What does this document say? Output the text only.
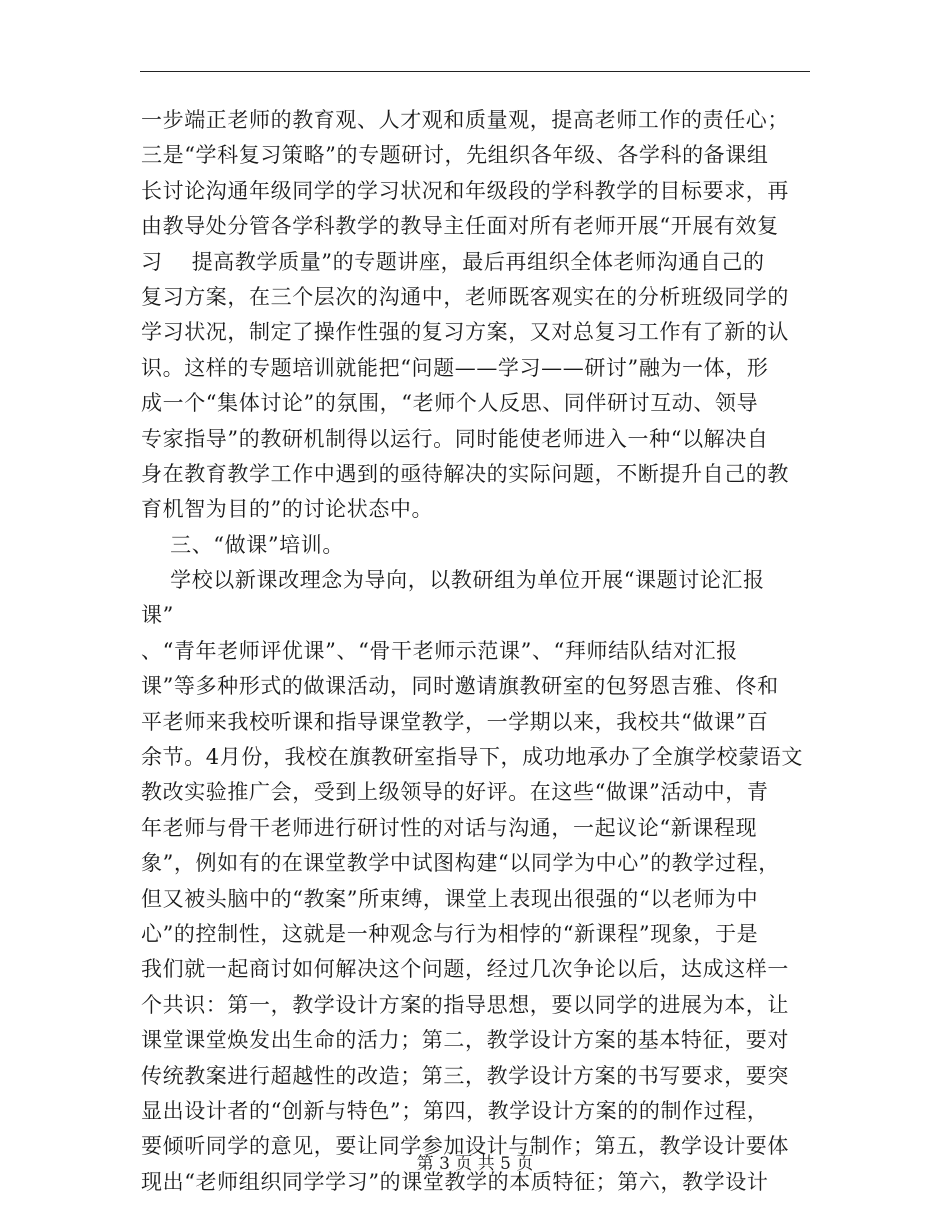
一步端正老师的教育观、人才观和质量观，提高老师工作的责任心；
三是“学科复习策略”的专题研讨，先组织各年级、各学科的备课组
长讨论沟通年级同学的学习状况和年级段的学科教学的目标要求，再
由教导处分管各学科教学的教导主任面对所有老师开展“开展有效复
习    提高教学质量”的专题讲座，最后再组织全体老师沟通自己的
复习方案，在三个层次的沟通中，老师既客观实在的分析班级同学的
学习状况，制定了操作性强的复习方案，又对总复习工作有了新的认
识。这样的专题培训就能把“问题——学习——研讨”融为一体，形
成一个“集体讨论”的氛围，“老师个人反思、同伴研讨互动、领导
专家指导”的教研机制得以运行。同时能使老师进入一种“以解决自
身在教育教学工作中遇到的亟待解决的实际问题，不断提升自己的教
育机智为目的”的讨论状态中。
三、“做课”培训。
学校以新课改理念为导向，以教研组为单位开展“课题讨论汇报
课”
、“青年老师评优课”、“骨干老师示范课”、“拜师结队结对汇报
课”等多种形式的做课活动，同时邀请旗教研室的包努恩吉雅、佟和
平老师来我校听课和指导课堂教学，一学期以来，我校共“做课”百
余节。4月份，我校在旗教研室指导下，成功地承办了全旗学校蒙语文
教改实验推广会，受到上级领导的好评。在这些“做课”活动中，青
年老师与骨干老师进行研讨性的对话与沟通，一起议论“新课程现
象”，例如有的在课堂教学中试图构建“以同学为中心”的教学过程，
但又被头脑中的“教案”所束缚，课堂上表现出很强的“以老师为中
心”的控制性，这就是一种观念与行为相悖的“新课程”现象，于是
我们就一起商讨如何解决这个问题，经过几次争论以后，达成这样一
个共识：第一，教学设计方案的指导思想，要以同学的进展为本，让
课堂课堂焕发出生命的活力；第二，教学设计方案的基本特征，要对
传统教案进行超越性的改造；第三，教学设计方案的书写要求，要突
显出设计者的“创新与特色”；第四，教学设计方案的的制作过程，
要倾听同学的意见，要让同学参加设计与制作；第五，教学设计要体
现出“老师组织同学学习”的课堂教学的本质特征；第六，教学设计
第 3 页 共 5 页
